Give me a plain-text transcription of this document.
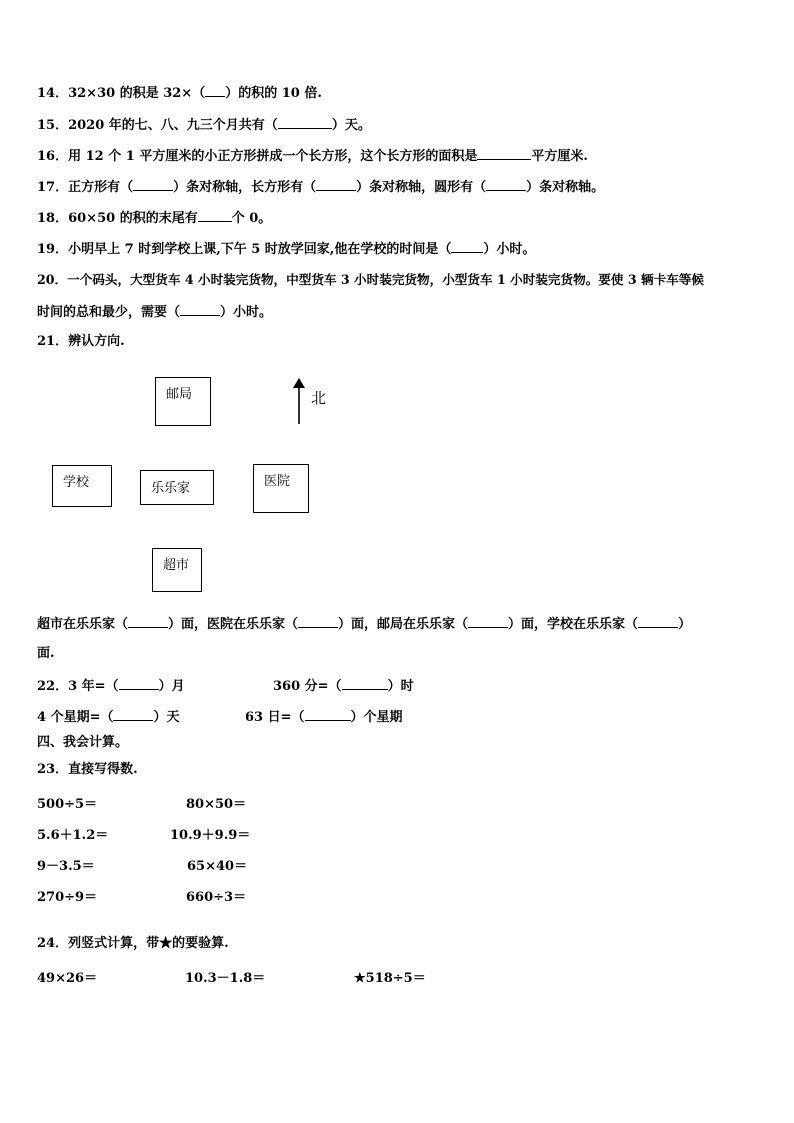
14．32×30 的积是 32×（ ）的积的 10 倍.
15．2020 年的七、八、九三个月共有（	）天。
16．用 12 个 1 平方厘米的小正方形拼成一个长方形，这个长方形的面积是	平方厘米.
17．正方形有（	）条对称轴，长方形有（	）条对称轴，圆形有（	）条对称轴。
18．60×50 的积的末尾有	个 0。
19．小明早上 7 时到学校上课,下午 5 时放学回家,他在学校的时间是（ ）小时。
20．一个码头，大型货车 4 小时装完货物，中型货车 3 小时装完货物，小型货车 1 小时装完货物。要使 3 辆卡车等候
时间的总和最少，需要（	）小时。
21．辨认方向.
邮局	北
学校	乐乐家	医院
超市
超市在乐乐家（	）面，医院在乐乐家（	）面，邮局在乐乐家（	）面，学校在乐乐家（	）
面.
22．3 年=（	）月	360 分=（	）时
4 个星期=（	）天	63 日=（	）个星期
四、我会计算。
23．直接写得数.
500÷5＝	80×50＝
5.6＋1.2＝	10.9＋9.9＝
9－3.5＝	65×40＝
270÷9＝	660÷3＝
24．列竖式计算，带★的要验算.
49×26＝	10.3－1.8＝	★518÷5＝
